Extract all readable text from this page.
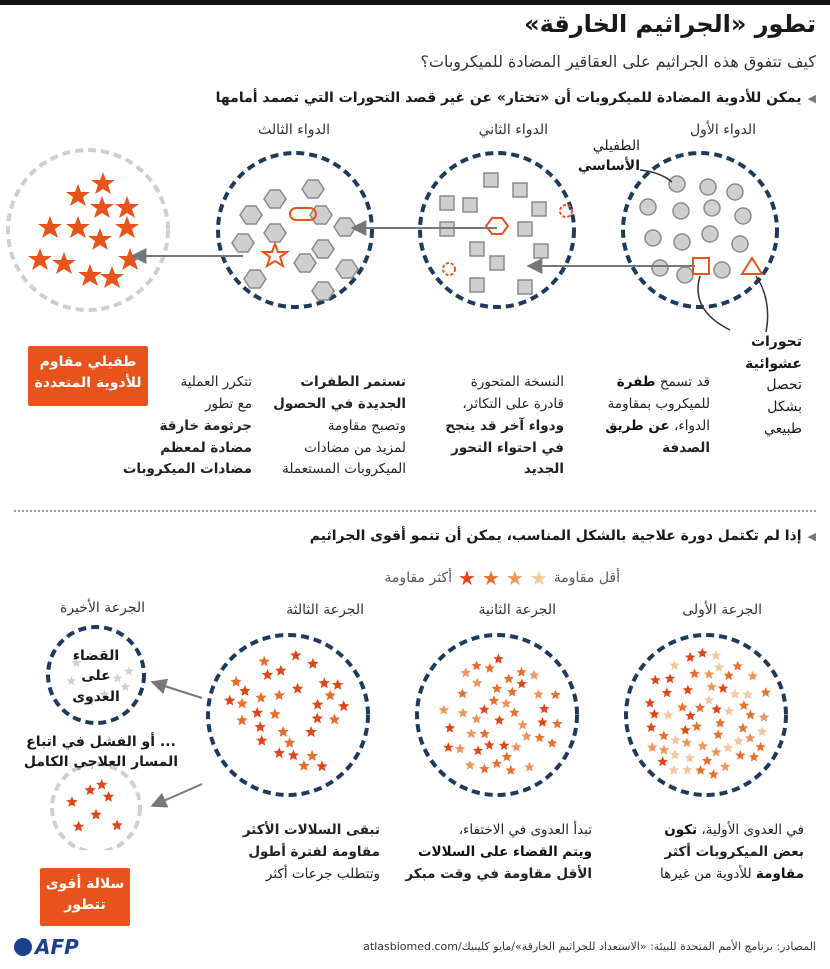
تطور «الجراثيم الخارقة»
كيف تتفوق هذه الجراثيم على العقاقير المضادة للميكروبات؟
◀يمكن للأدوية المضادة للميكروبات أن «تختار» عن غير قصد التحورات التي تصمد أمامها
الدواء الأول
الدواء الثاني
الدواء الثالث
الطفيلي
الأساسي
تحورات
عشوائية
تحصل
بشكل
طبيعي
قد تسمح طفرة
للميكروب بمقاومة
الدواء، عن طريق
الصدفة
النسخة المتحورة
قادرة على التكاثر،
ودواء آخر قد ينجح
في احتواء التحور
الجديد
تستمر الطفرات
الجديدة في الحصول
وتصبح مقاومة
لمزيد من مضادات
الميكروبات المستعملة
تتكرر العملية
مع تطور
جرثومة خارقة
مضادة لمعظم
مضادات الميكروبات
طفيلي مقاوم
للأدوية المتعددة
◀إذا لم تكتمل دورة علاجية بالشكل المناسب، يمكن أن تنمو أقوى الجراثيم
أقل مقاومة
★
★
★
★
أكثر مقاومة
الجرعة الأولى
الجرعة الثانية
الجرعة الثالثة
الجرعة الأخيرة
القضاء
على العدوى
... أو الفشل في اتباع
المسار العلاجي الكامل
في العدوى الأولية، تكون
بعض الميكروبات أكثر
مقاومة للأدوية من غيرها
تبدأ العدوى في الاختفاء،
ويتم القضاء على السلالات
الأقل مقاومة في وقت مبكر
تبقى السلالات الأكثر
مقاومة لفترة أطول
وتتطلب جرعات أكثر
سلالة أقوى
تتطور
المصادر: برنامج الأمم المتحدة للبيئة: «الاستعداد للجراثيم الخارقة»/مايو كلينيك/atlasbiomed.com
AFP
